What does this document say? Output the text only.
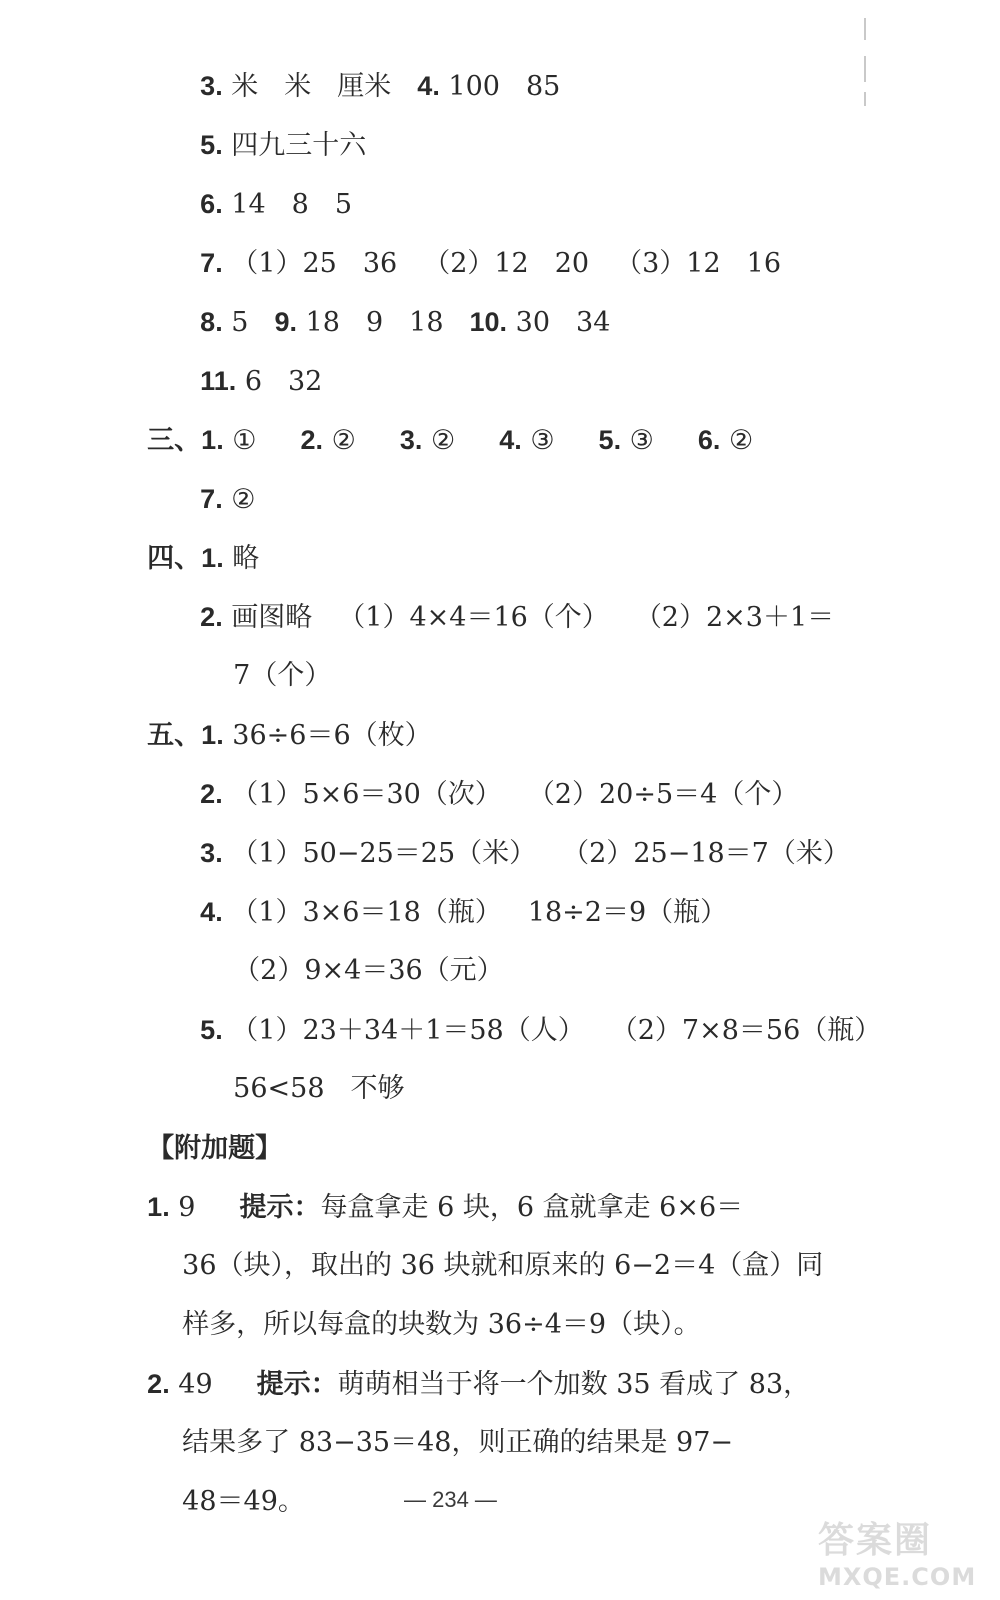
3. 米 米 厘米 4. 100 85

5. 四九三十六

6. 14 8 5

7. （1）25 36 （2）12 20 （3）12 16

8. 5 9. 18 9 18 10. 30 34

11. 6 32

三、1. ① 2. ② 3. ② 4. ③ 5. ③ 6. ②

7. ②

四、1. 略

2. 画图略 （1）4×4＝16（个） （2）2×3＋1＝

7（个）

五、1. 36÷6＝6（枚）

2. （1）5×6＝30（次） （2）20÷5＝4（个）

3. （1）50−25＝25（米） （2）25−18＝7（米）

4. （1）3×6＝18（瓶） 18÷2＝9（瓶）

（2）9×4＝36（元）

5. （1）23＋34＋1＝58（人） （2）7×8＝56（瓶）

56<58 不够

【附加题】

1. 9 提示：每盒拿走 6 块，6 盒就拿走 6×6＝

36（块），取出的 36 块就和原来的 6−2＝4（盒）同

样多，所以每盒的块数为 36÷4＝9（块）。

2. 49 提示：萌萌相当于将一个加数 35 看成了 83，

结果多了 83−35＝48，则正确的结果是 97−

48＝49。	— 234 —
答案圈
MXQE.COM
